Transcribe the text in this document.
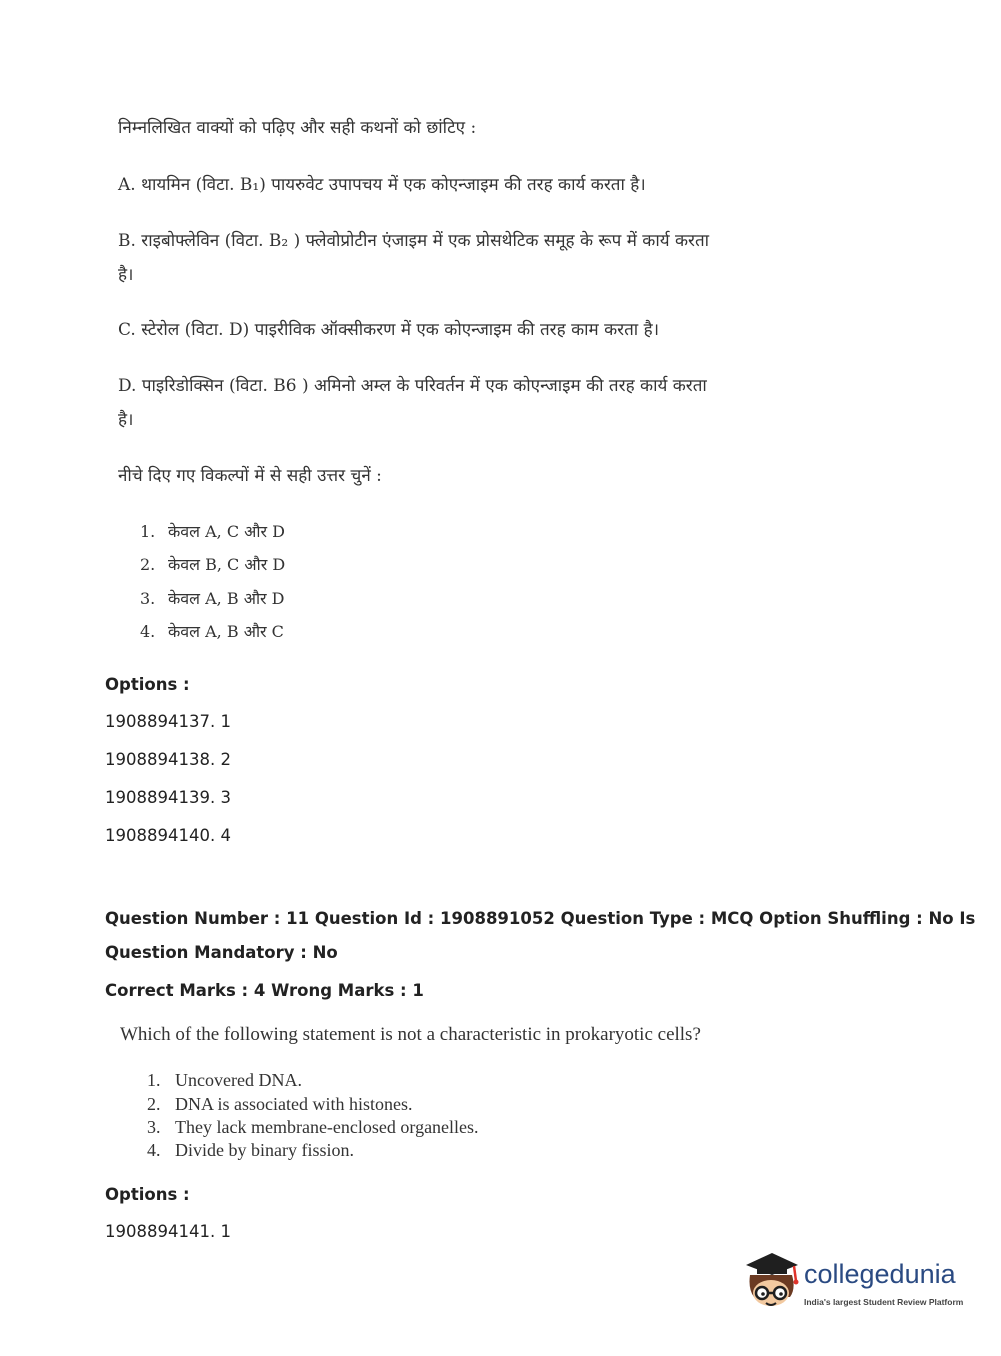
निम्नलिखित वाक्यों को पढ़िए और सही कथनों को छांटिए :
A. थायमिन (विटा. B₁) पायरुवेट उपापचय में एक कोएन्जाइम की तरह कार्य करता है।
B. राइबोफ्लेविन (विटा. B₂ ) फ्लेवोप्रोटीन एंजाइम में एक प्रोसथेटिक समूह के रूप में कार्य करता
है।
C. स्टेरोल (विटा. D) पाइरीविक ऑक्सीकरण में एक कोएन्जाइम की तरह काम करता है।
D. पाइरिडोक्सिन (विटा. B6 ) अमिनो अम्ल के परिवर्तन में एक कोएन्जाइम की तरह कार्य करता
है।
नीचे दिए गए विकल्पों में से सही उत्तर चुनें :
1. केवल A, C और D
2. केवल B, C और D
3. केवल A, B और D
4. केवल A, B और C
Options :
1908894137. 1
1908894138. 2
1908894139. 3
1908894140. 4
Question Number : 11 Question Id : 1908891052 Question Type : MCQ Option Shuffling : No Is
Question Mandatory : No
Correct Marks : 4 Wrong Marks : 1
Which of the following statement is not a characteristic in prokaryotic cells?
1. Uncovered DNA.
2. DNA is associated with histones.
3. They lack membrane-enclosed organelles.
4. Divide by binary fission.
Options :
1908894141. 1
collegedunia
India's largest Student Review Platform
